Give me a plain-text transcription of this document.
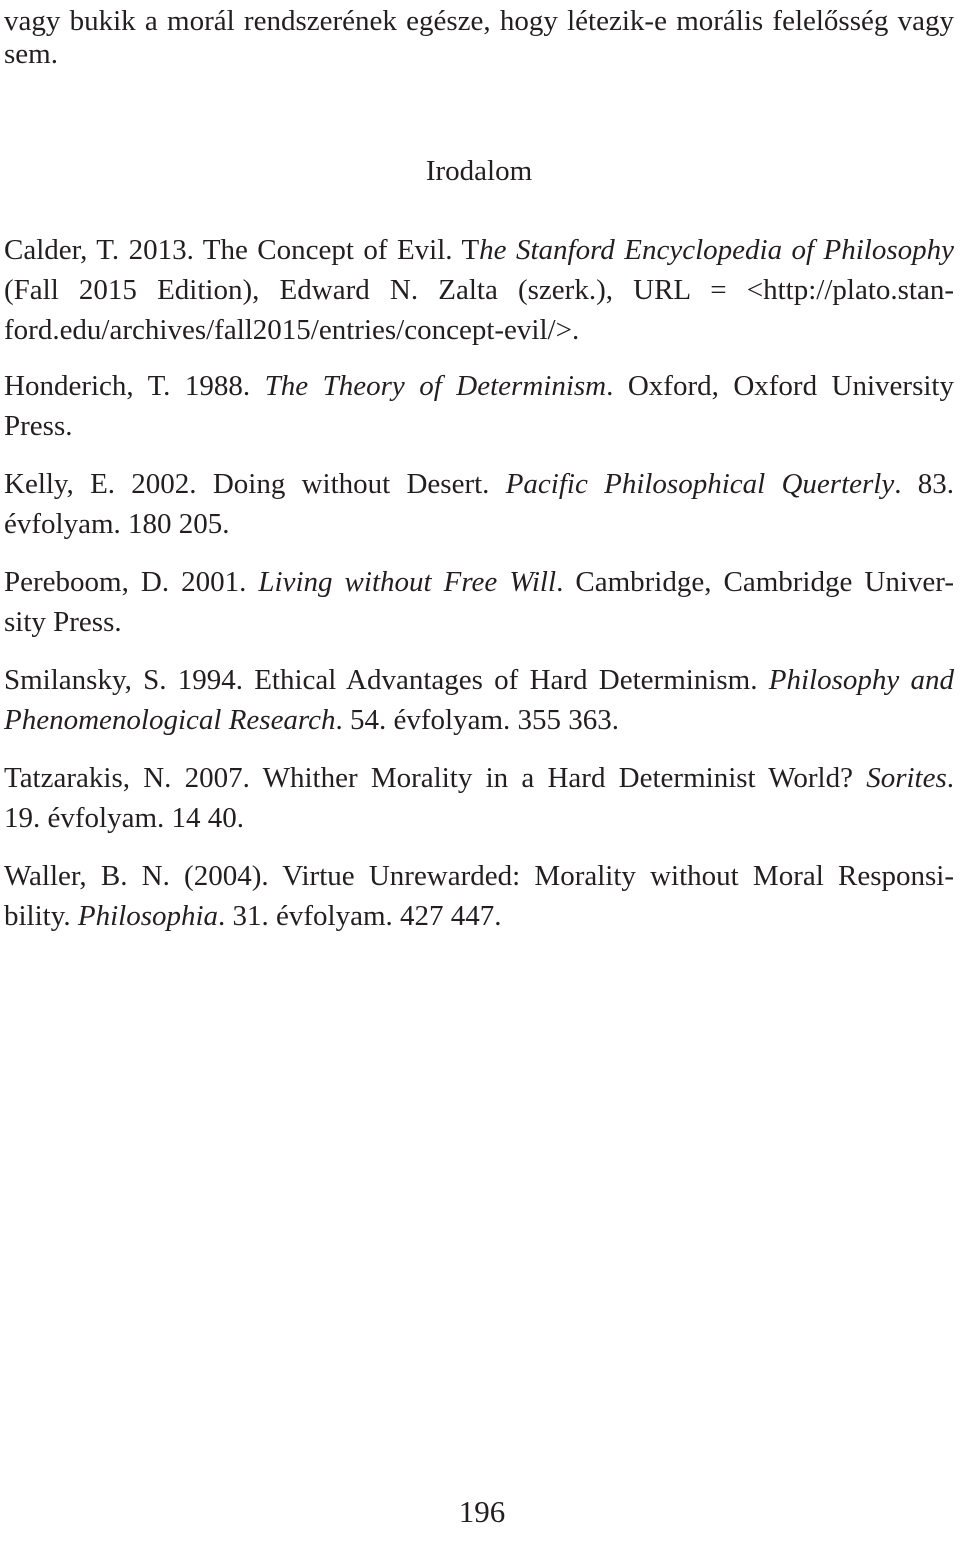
vagy bukik a morál rendszerének egésze, hogy létezik-e morális felelősség vagy
sem.
Irodalom
Calder, T. 2013. The Concept of Evil. The Stanford Encyclopedia of Philosophy
(Fall 2015 Edition), Edward N. Zalta (szerk.), URL = <http://plato.stan-
ford.edu/archives/fall2015/entries/concept-evil/>.
Honderich, T. 1988. The Theory of Determinism. Oxford, Oxford University
Press.
Kelly, E. 2002. Doing without Desert. Pacific Philosophical Querterly. 83.
évfolyam. 180 205.
Pereboom, D. 2001. Living without Free Will. Cambridge, Cambridge Univer-
sity Press.
Smilansky, S. 1994. Ethical Advantages of Hard Determinism. Philosophy and
Phenomenological Research. 54. évfolyam. 355 363.
Tatzarakis, N. 2007. Whither Morality in a Hard Determinist World? Sorites.
19. évfolyam. 14 40.
Waller, B. N. (2004). Virtue Unrewarded: Morality without Moral Responsi-
bility. Philosophia. 31. évfolyam. 427 447.
196
